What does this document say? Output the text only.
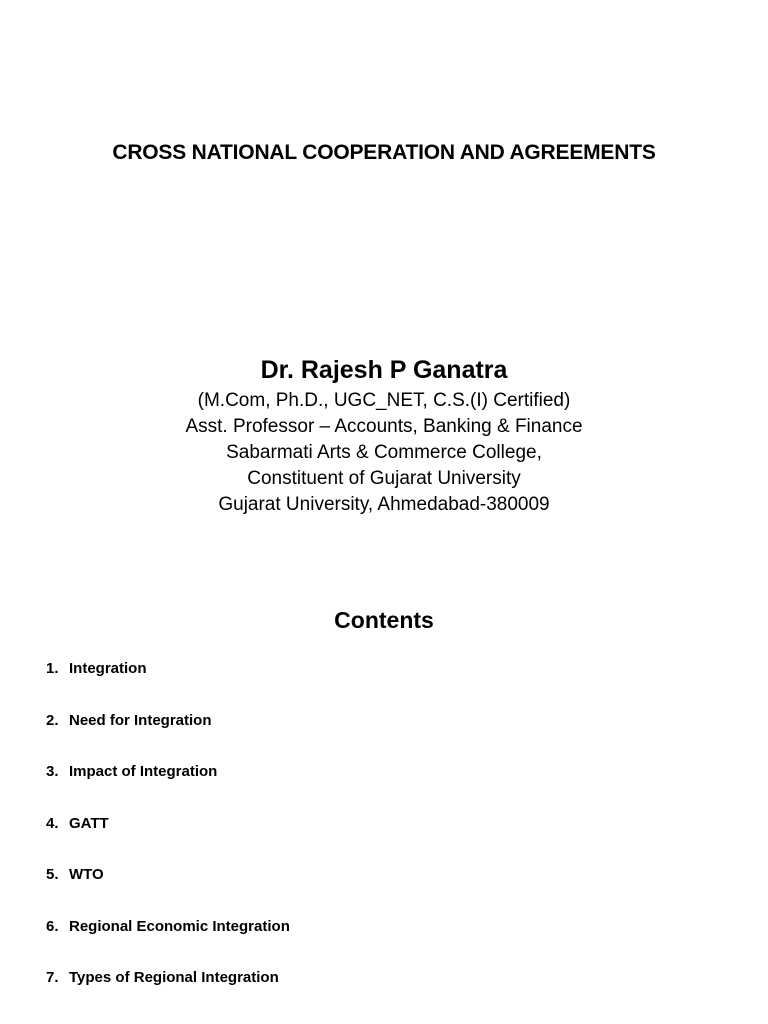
CROSS NATIONAL COOPERATION AND AGREEMENTS

Dr. Rajesh P Ganatra

(M.Com, Ph.D., UGC_NET, C.S.(I) Certified)

Asst. Professor – Accounts, Banking & Finance

Sabarmati Arts & Commerce College,

Constituent of Gujarat University

Gujarat University, Ahmedabad-380009

Contents
1. Integration
2. Need for Integration
3. Impact of Integration
4. GATT
5. WTO
6. Regional Economic Integration
7. Types of Regional Integration
